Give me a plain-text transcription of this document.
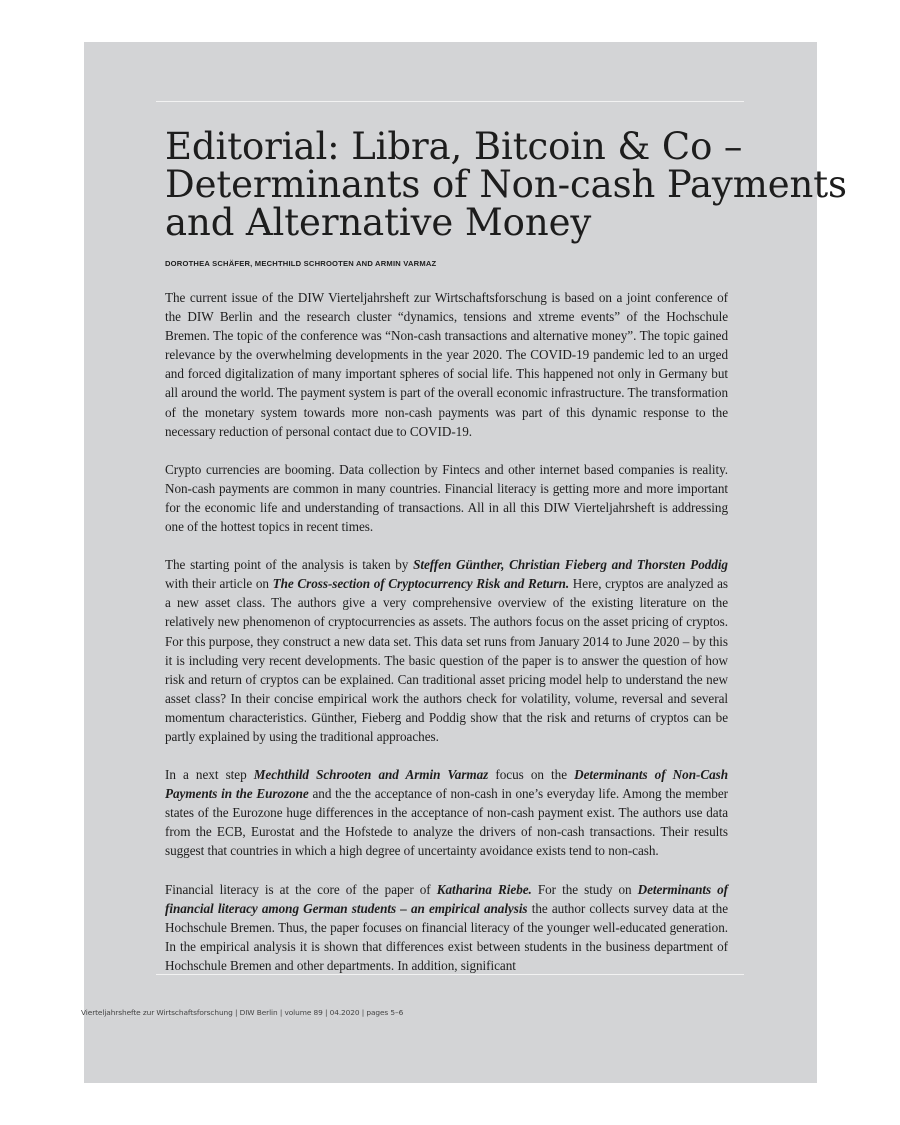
Editorial: Libra, Bitcoin & Co –
Determinants of Non-cash Payments
and Alternative Money
DOROTHEA SCHÄFER, MECHTHILD SCHROOTEN AND ARMIN VARMAZ

The current issue of the DIW Vierteljahrsheft zur Wirtschaftsforschung is based on a joint conference of the DIW Berlin and the research cluster “dynamics, tensions and xtreme events” of the Hochschule Bremen. The topic of the conference was “Non-cash transactions and alternative money”. The topic gained relevance by the overwhelming developments in the year 2020. The COVID-19 pandemic led to an urged and forced digitalization of many important spheres of social life. This happened not only in Germany but all around the world. The payment system is part of the overall economic infrastructure. The transformation of the monetary system towards more non-cash payments was part of this dynamic response to the necessary reduction of personal contact due to COVID-19.

Crypto currencies are booming. Data collection by Fintecs and other internet based companies is reality. Non-cash payments are common in many countries. Financial literacy is getting more and more important for the economic life and understanding of transactions. All in all this DIW Vierteljahrsheft is addressing one of the hottest topics in recent times.

The starting point of the analysis is taken by Steffen Günther, Christian Fieberg and Thorsten Poddig with their article on The Cross-section of Cryptocurrency Risk and Return. Here, cryptos are analyzed as a new asset class. The authors give a very comprehensive overview of the existing literature on the relatively new phenomenon of cryptocurrencies as assets. The authors focus on the asset pricing of cryptos. For this purpose, they construct a new data set. This data set runs from January 2014 to June 2020 – by this it is including very recent developments. The basic question of the paper is to answer the question of how risk and return of cryptos can be explained. Can traditional asset pricing model help to understand the new asset class? In their concise empirical work the authors check for volatility, volume, reversal and several momentum characteristics. Günther, Fieberg and Poddig show that the risk and returns of cryptos can be partly explained by using the traditional approaches.

In a next step Mechthild Schrooten and Armin Varmaz focus on the Determinants of Non-Cash Payments in the Eurozone and the the acceptance of non-cash in one’s everyday life. Among the member states of the Eurozone huge differences in the acceptance of non-cash payment exist. The authors use data from the ECB, Eurostat and the Hofstede to analyze the drivers of non-cash transactions. Their results suggest that countries in which a high degree of uncertainty avoidance exists tend to non-cash.

Financial literacy is at the core of the paper of Katharina Riebe. For the study on Determinants of financial literacy among German students – an empirical analysis the author collects survey data at the Hochschule Bremen. Thus, the paper focuses on financial literacy of the younger well-educated generation. In the empirical analysis it is shown that differences exist between students in the business department of Hochschule Bremen and other departments. In addition, significant

Vierteljahrshefte zur Wirtschaftsforschung | DIW Berlin | volume 89 | 04.2020 | pages 5–6
